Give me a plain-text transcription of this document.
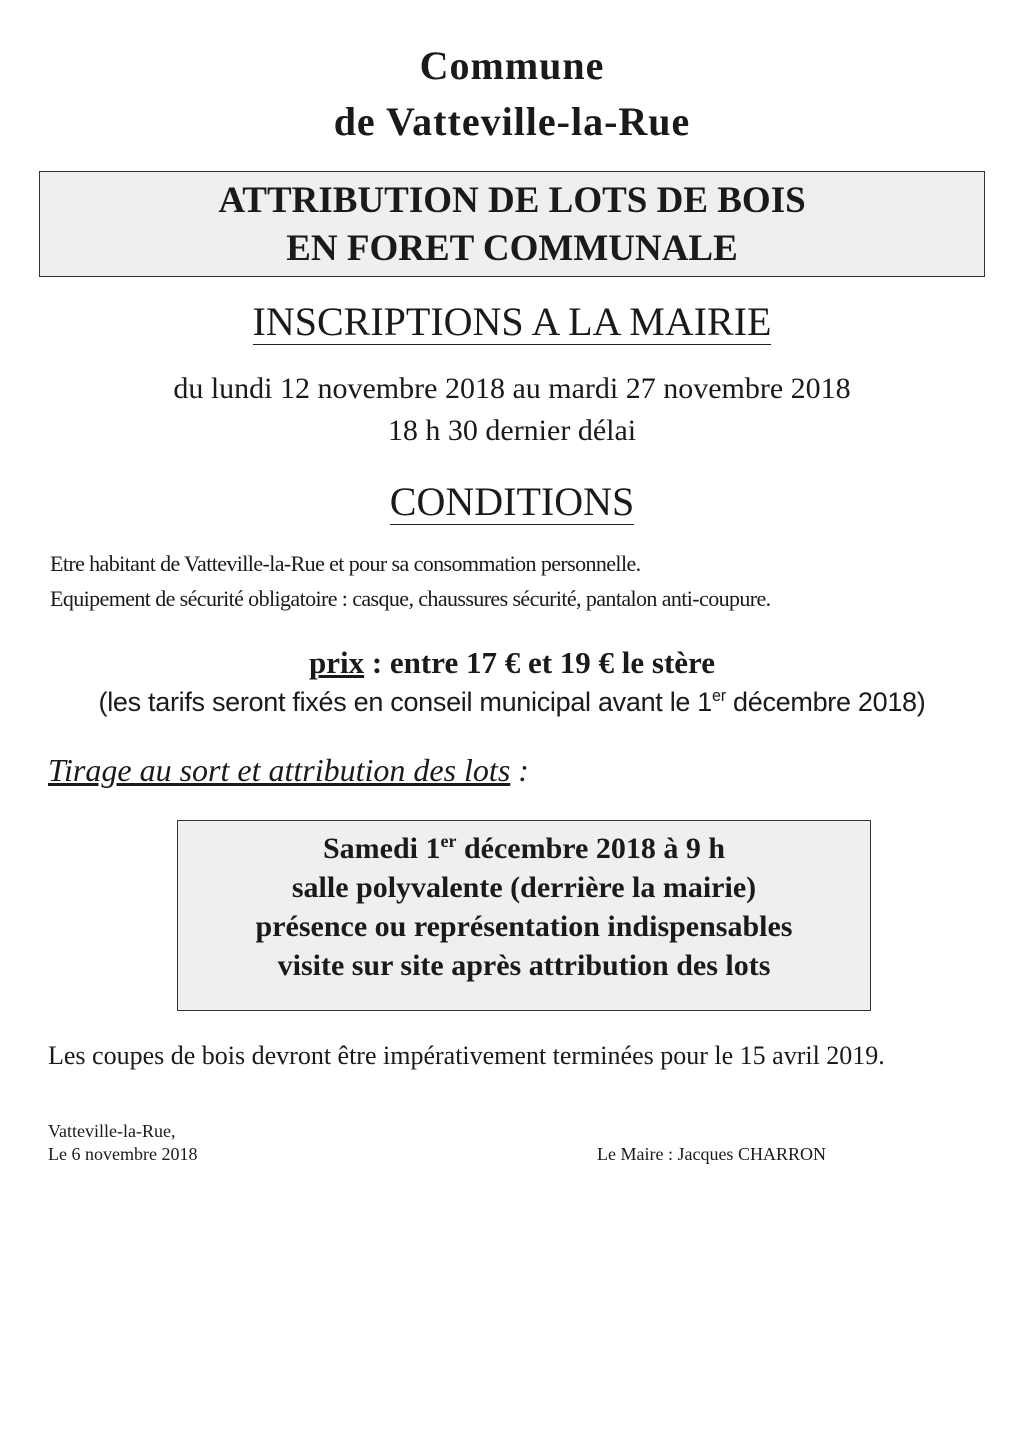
Commune
de Vatteville-la-Rue
ATTRIBUTION DE LOTS DE BOIS
EN FORET COMMUNALE
INSCRIPTIONS A LA MAIRIE
du lundi 12 novembre 2018 au mardi 27 novembre 2018
18 h 30 dernier délai
CONDITIONS
Etre habitant de Vatteville-la-Rue et pour sa consommation personnelle.
Equipement de sécurité obligatoire : casque, chaussures sécurité, pantalon anti-coupure.
prix : entre 17 € et 19 € le stère
(les tarifs seront fixés en conseil municipal avant le 1er décembre 2018)
Tirage au sort et attribution des lots :
Samedi 1er décembre 2018 à 9 h
salle polyvalente (derrière la mairie)
présence ou représentation indispensables
visite sur site après attribution des lots
Les coupes de bois devront être impérativement terminées pour le 15 avril 2019.
Vatteville-la-Rue,
Le 6 novembre 2018	Le Maire : Jacques CHARRON
